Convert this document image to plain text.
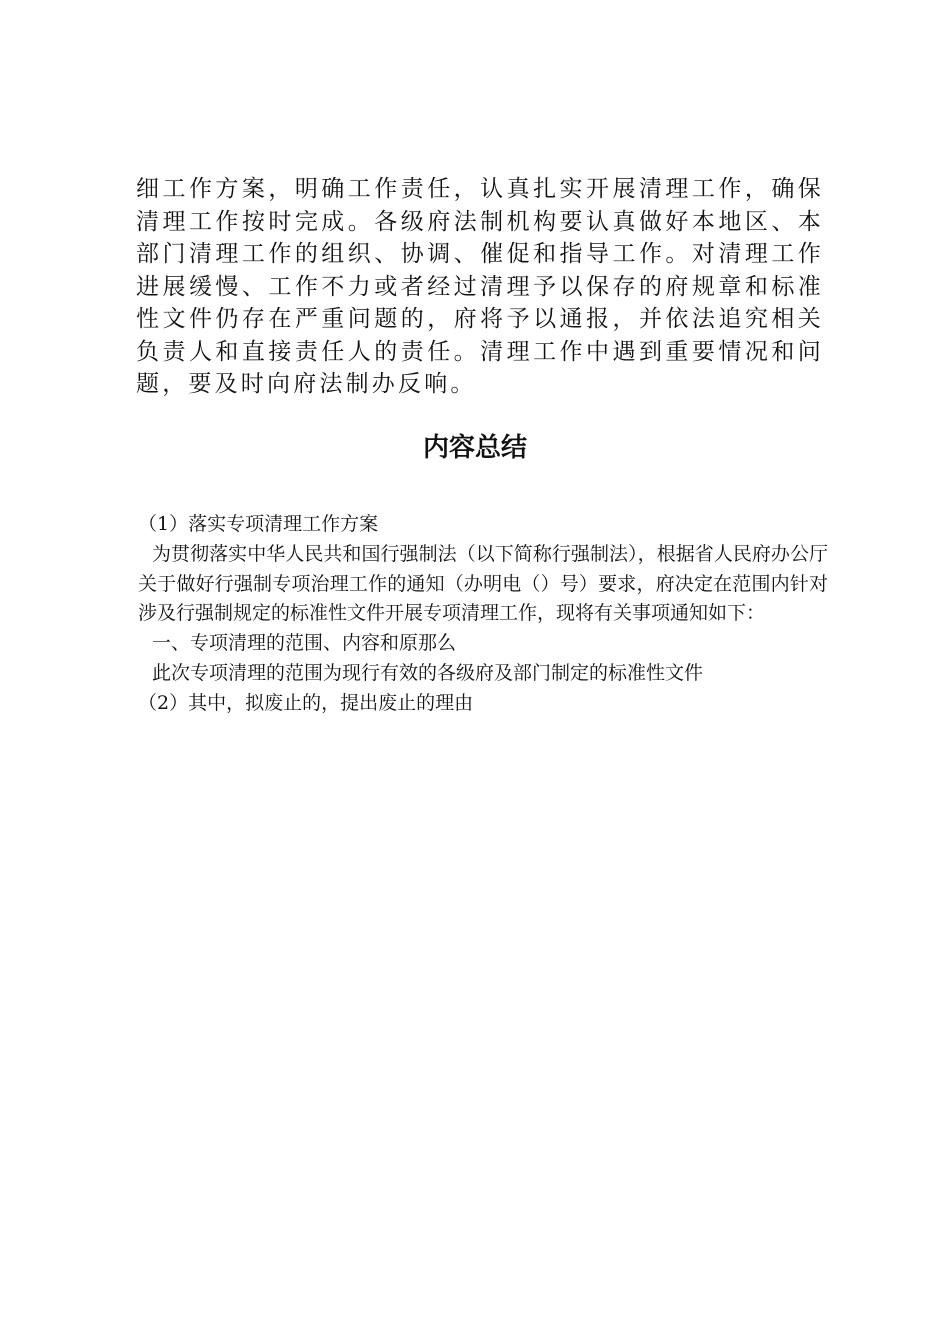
细工作方案，明确工作责任，认真扎实开展清理工作，确保清理工作按时完成。各级府法制机构要认真做好本地区、本部门清理工作的组织、协调、催促和指导工作。对清理工作进展缓慢、工作不力或者经过清理予以保存的府规章和标准性文件仍存在严重问题的，府将予以通报，并依法追究相关负责人和直接责任人的责任。清理工作中遇到重要情况和问题，要及时向府法制办反响。

内容总结
（1）落实专项清理工作方案
为贯彻落实中华人民共和国行强制法（以下简称行强制法），根据省人民府办公厅关于做好行强制专项治理工作的通知（办明电（）号）要求，府决定在范围内针对涉及行强制规定的标准性文件开展专项清理工作，现将有关事项通知如下：
一、专项清理的范围、内容和原那么
此次专项清理的范围为现行有效的各级府及部门制定的标准性文件
（2）其中，拟废止的，提出废止的理由
